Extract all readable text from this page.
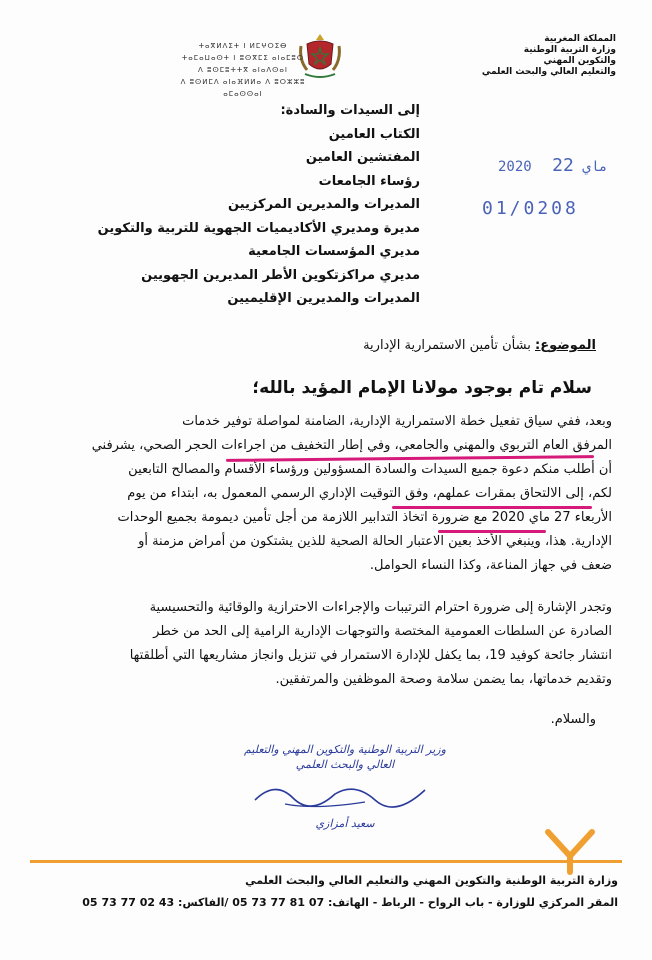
المملكة المغربية
وزارة التربية الوطنية
والتكوين المهني
والتعليم العالي والبحث العلمي
ⵜⴰⴳⵍⴷⵉⵜ ⵏ ⵍⵎⵖⵔⵉⴱ
ⵜⴰⵎⴰⵡⴰⵙⵜ ⵏ ⵓⵙⴳⵎⵉ ⴰⵏⴰⵎⵓⵔ
ⴷ ⵓⵙⵎⵓⵜⵜⴳ ⴰⵏⴰⴷⵙⴰⵏ
ⴷ ⵓⵙⵍⵎⴷ ⴰⵏⴰⴼⵍⵍⴰ ⴷ ⵓⵔⵣⵣⵓ ⴰⵎⴰⵙⵙⴰⵏ
إلى السيدات والسادة:
الكتاب العامين
المفتشين العامين
رؤساء الجامعات
المديرات والمديرين المركزيين
مديرة ومديري الأكاديميات الجهوية للتربية والتكوين
مديري المؤسسات الجامعية
مديري مراكزتكوين الأطر المديرين الجهويين
المديرات والمديرين الإقليميين
2020	ماي 22
01/0208
الموضوع: بشأن تأمين الاستمرارية الإدارية
سلام تام بوجود مولانا الإمام المؤيد بالله؛
وبعد، ففي سياق تفعيل خطة الاستمرارية الإدارية، الضامنة لمواصلة توفير خدمات
المرفق العام التربوي والمهني والجامعي، وفي إطار التخفيف من اجراءات الحجر الصحي، يشرفني
أن أطلب منكم دعوة جميع السيدات والسادة المسؤولين ورؤساء الأقسام والمصالح التابعين
لكم، إلى الالتحاق بمقرات عملهم، وفق التوقيت الإداري الرسمي المعمول به، ابتداء من يوم
الأربعاء 27 ماي 2020 مع ضرورة اتخاذ التدابير اللازمة من أجل تأمين ديمومة بجميع الوحدات
الإدارية. هذا، وينبغي الأخذ بعين الاعتبار الحالة الصحية للذين يشتكون من أمراض مزمنة أو
ضعف في جهاز المناعة، وكذا النساء الحوامل.
وتجدر الإشارة إلى ضرورة احترام الترتيبات والإجراءات الاحترازية والوقائية والتحسيسية
الصادرة عن السلطات العمومية المختصة والتوجهات الإدارية الرامية إلى الحد من خطر
انتشار جائحة كوفيد 19، بما يكفل للإدارة الاستمرار في تنزيل وانجاز مشاريعها التي أطلقتها
وتقديم خدماتها، بما يضمن سلامة وصحة الموظفين والمرتفقين.
والسلام.
وزير التربية الوطنية والتكوين المهني والتعليم العالي والبحث العلمي
سعيد أمزازي
وزارة التربية الوطنية والتكوين المهني والتعليم العالي والبحث العلمي
المقر المركزي للوزارة - باب الرواح - الرباط - الهاتف: 07 81 77 73 05 /الفاكس: 43 02 77 73 05
